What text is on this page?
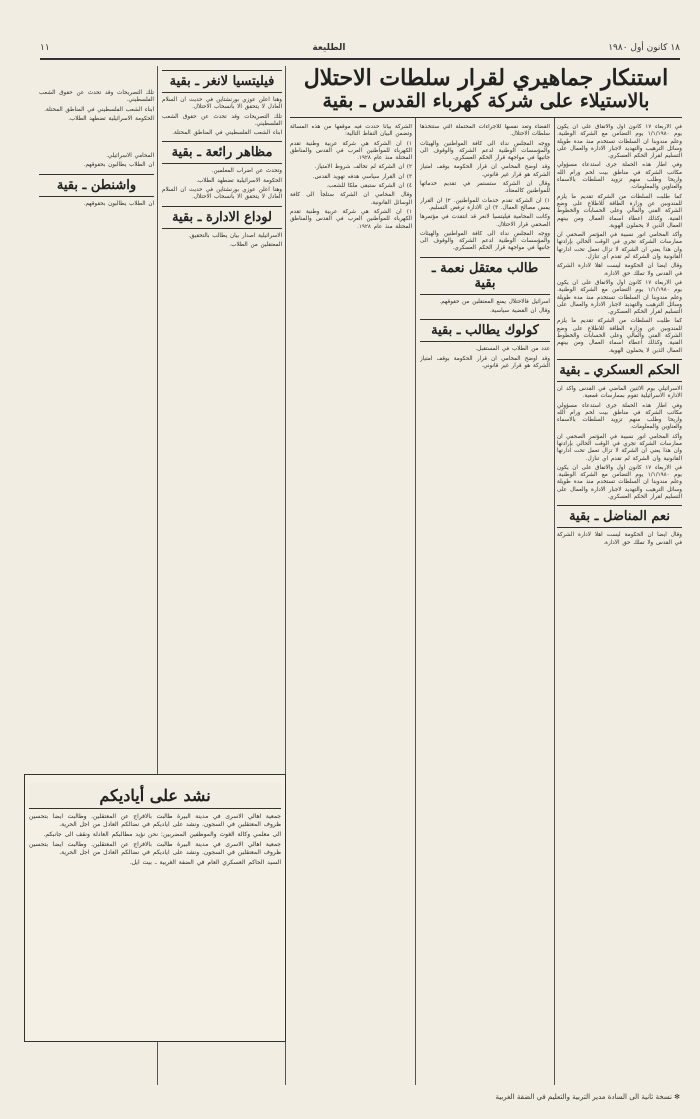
١٨ كانون أول ١٩٨٠
الطليعة
١١
استنكار جماهيري لقرار سلطات الاحتلال
بالاستيلاء على شركة كهرباء القدس ـ بقية

في الاربعاء ١٧ كانون اول والاتفاق على ان يكون يوم ١/١/١٩٨٠ يوم التضامن مع الشركة الوطنية. وعلم مندوبنا ان السلطات تستخدم منذ مدة طويلة وسائل الترهيب والتهديد لاجبار الادارة والعمال على التسليم لقرار الحكم العسكري.

وفي اطار هذه الحملة جرى استدعاء مسؤولي مكاتب الشركة في مناطق بيت لحم ورام الله واريحا وطلب منهم تزويد السلطات بالاسماء والعناوين والمعلومات.

كما طلبت السلطات من الشركة تقديم ما يلزم للمندوبين عن وزارة الطاقة للاطلاع على وضع الشركة الفني والمالي وعلى الحسابات والخطوط الفنية. وكذلك اعطاء اسماء العمال ومن بينهم العمال الذين لا يحملون الهوية.

وأكد المحامي انور نسيبة في المؤتمر الصحفي ان ممارسات الشركة تجري في الوقت الحالي بإرادتها وان هذا يعني ان الشركة لا تزال تعمل تحت ادارتها القانونية وان الشركة لم تقدم اي تنازل.

وقال ايضا ان الحكومة ليست اهلا لادارة الشركة في القدس ولا تملك حق الادارة.

في الاربعاء ١٧ كانون اول والاتفاق على ان يكون يوم ١/١/١٩٨٠ يوم التضامن مع الشركة الوطنية. وعلم مندوبنا ان السلطات تستخدم منذ مدة طويلة وسائل الترهيب والتهديد لاجبار الادارة والعمال على التسليم لقرار الحكم العسكري.

كما طلبت السلطات من الشركة تقديم ما يلزم للمندوبين عن وزارة الطاقة للاطلاع على وضع الشركة الفني والمالي وعلى الحسابات والخطوط الفنية. وكذلك اعطاء اسماء العمال ومن بينهم العمال الذين لا يحملون الهوية.

الحكم العسكري ـ بقية

الاسرائيلي يوم الاثنين الماضي في القدس واكد ان الادارة الاسرائيلية تقوم بممارسات قمعية.

وفي اطار هذه الحملة جرى استدعاء مسؤولي مكاتب الشركة في مناطق بيت لحم ورام الله واريحا وطلب منهم تزويد السلطات بالاسماء والعناوين والمعلومات.

وأكد المحامي انور نسيبة في المؤتمر الصحفي ان ممارسات الشركة تجري في الوقت الحالي بإرادتها وان هذا يعني ان الشركة لا تزال تعمل تحت ادارتها القانونية وان الشركة لم تقدم اي تنازل.

في الاربعاء ١٧ كانون اول والاتفاق على ان يكون يوم ١/١/١٩٨٠ يوم التضامن مع الشركة الوطنية. وعلم مندوبنا ان السلطات تستخدم منذ مدة طويلة وسائل الترهيب والتهديد لاجبار الادارة والعمال على التسليم لقرار الحكم العسكري.

نعم المناضل ـ بقية

وقال ايضا ان الحكومة ليست اهلا لادارة الشركة في القدس ولا تملك حق الادارة.

القضاء وتعد نفسها للاجراءات المحتملة التي ستتخذها سلطات الاحتلال.

ووجه المجلس نداء الى كافة المواطنين والهيئات والمؤسسات الوطنية لدعم الشركة والوقوف الى جانبها في مواجهة قرار الحكم العسكري.

وقد اوضح المحامي ان قرار الحكومة بوقف امتياز الشركة هو قرار غير قانوني.

وقال ان الشركة ستستمر في تقديم خدماتها للمواطنين كالمعتاد.

١) ان الشركة تقدم خدمات للمواطنين. ٢) ان القرار يمس مصالح العمال. ٣) ان الادارة ترفض التسليم.

وكانت المحامية فيليتسيا لانغر قد انتقدت في مؤتمرها الصحفي قرار الاحتلال.

ووجه المجلس نداء الى كافة المواطنين والهيئات والمؤسسات الوطنية لدعم الشركة والوقوف الى جانبها في مواجهة قرار الحكم العسكري.

طالب معتقل نعمة ـ بقية

اسرائيل فالاحتلال يمنع المعتقلين من حقوقهم.

وقال ان القضية سياسية.

كولوك يطالب ـ بقية

عدد من الطلاب في المستقبل.

وقد اوضح المحامي ان قرار الحكومة بوقف امتياز الشركة هو قرار غير قانوني.

الشركة بيانا حددت فيه موقفها من هذه المسالة وتضمن البيان النقاط التالية:

١) ان الشركة هي شركة عربية وطنية تقدم الكهرباء للمواطنين العرب في القدس والمناطق المحتلة منذ عام ١٩٢٨.

٢) ان الشركة لم تخالف شروط الامتياز.

٣) ان القرار سياسي هدفه تهويد القدس.

٤) ان الشركة ستبقى ملكا للشعب.

وقال المحامي ان الشركة ستلجأ الى كافة الوسائل القانونية.

١) ان الشركة هي شركة عربية وطنية تقدم الكهرباء للمواطنين العرب في القدس والمناطق المحتلة منذ عام ١٩٢٨.

فيليتسيا لانغر ـ بقية

وهنا اعلن عوزي بورنشتاين في حديث ان السلام العادل لا يتحقق الا بانسحاب الاحتلال.

تلك التصريحات وقد تحدث عن حقوق الشعب الفلسطيني.

ابناء الشعب الفلسطيني في المناطق المحتلة.

مظاهر رائعة ـ بقية

وتحدث عن اضراب المعلمين.

الحكومة الاسرائيلية تضطهد الطلاب.

وهنا اعلن عوزي بورنشتاين في حديث ان السلام العادل لا يتحقق الا بانسحاب الاحتلال.

لوداع الادارة ـ بقية

الاسرائيلية اصدار بيان يطالب بالتحقيق.

المعتقلين من الطلاب.

تلك التصريحات وقد تحدث عن حقوق الشعب الفلسطيني.

ابناء الشعب الفلسطيني في المناطق المحتلة.

الحكومة الاسرائيلية تضطهد الطلاب.

المحامي الاسرائيلي.

ان الطلاب يطالبون بحقوقهم.

واشنطن ـ بقية

ان الطلاب يطالبون بحقوقهم.

نشد على أياديكم

جمعية اهالي الاسرى في مدينة البيرة طالبت بالافراج عن المعتقلين. وطالبت ايضا بتحسين ظروف المعتقلين في السجون. ونشد على اياديكم في نضالكم العادل من اجل الحرية.

الى معلمي وكالة الغوث والموظفين المضربين: نحن نؤيد مطالبكم العادلة ونقف الى جانبكم.

جمعية اهالي الاسرى في مدينة البيرة طالبت بالافراج عن المعتقلين. وطالبت ايضا بتحسين ظروف المعتقلين في السجون. ونشد على اياديكم في نضالكم العادل من اجل الحرية.

السيد الحاكم العسكري العام في الضفة الغربية ـ بيت ايل.

✻ نسخة ثانية الى السادة مدير التربية والتعليم في الضفة الغربية
